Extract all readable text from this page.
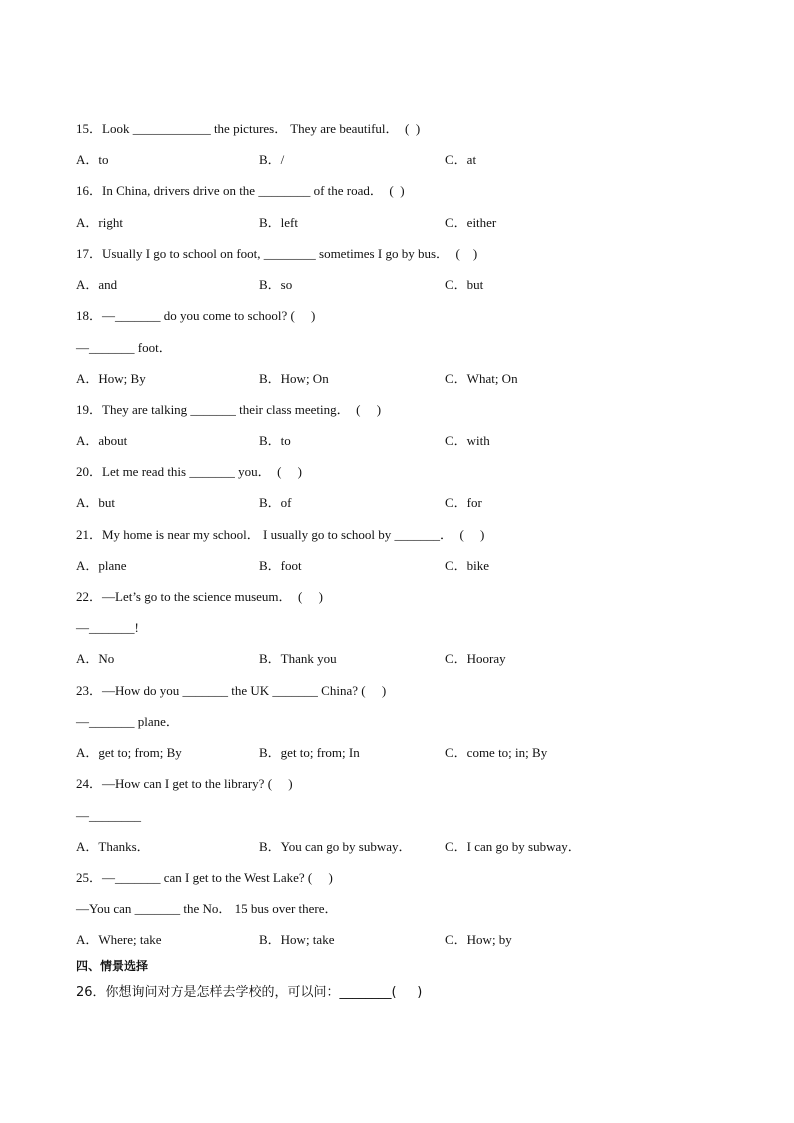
15．Look ____________ the pictures． They are beautiful．  (  )
A．to	B．/	C．at
16．In China, drivers drive on the ________ of the road．  (  )
A．right	B．left	C．either
17．Usually I go to school on foot, ________ sometimes I go by bus．  (    )
A．and	B．so	C．but
18．—_______ do you come to school? (     )
—_______ foot．
A．How; By	B．How; On	C．What; On
19．They are talking _______ their class meeting．  (     )
A．about	B．to	C．with
20．Let me read this _______ you．  (     )
A．but	B．of	C．for
21．My home is near my school． I usually go to school by _______．  (     )
A．plane	B．foot	C．bike
22．—Let’s go to the science museum．  (     )
—_______!
A．No	B．Thank you	C．Hooray
23．—How do you _______ the UK _______ China? (     )
—_______ plane．
A．get to; from; By	B．get to; from; In	C．come to; in; By
24．—How can I get to the library? (     )
—________
A．Thanks．	B．You can go by subway．	C．I can go by subway．
25．—_______ can I get to the West Lake? (     )
—You can _______ the No． 15 bus over there．
A．Where; take	B．How; take	C．How; by
四、情景选择
26．你想询问对方是怎样去学校的，可以问：________(     )
